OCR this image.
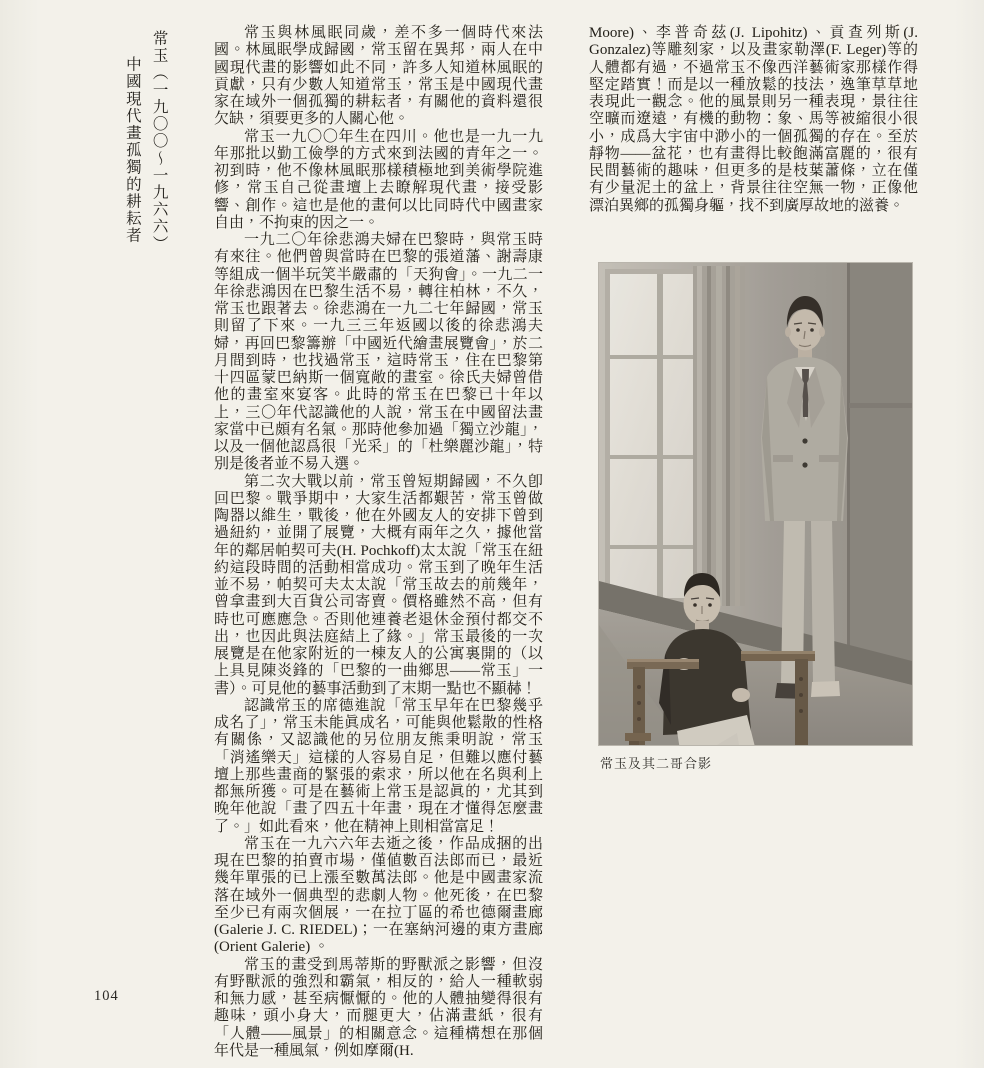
常玉（一九〇〇～一九六六）
中國現代畫孤獨的耕耘者

常玉與林風眠同歲，差不多一個時代來法國。林風眠學成歸國，常玉留在異邦，兩人在中國現代畫的影響如此不同，許多人知道林風眠的貢獻，只有少數人知道常玉，常玉是中國現代畫家在域外一個孤獨的耕耘者，有關他的資料還很欠缺，須要更多的人關心他。

常玉一九〇〇年生在四川。他也是一九一九年那批以勤工儉學的方式來到法國的青年之一。初到時，他不像林風眠那樣積極地到美術學院進修，常玉自己從畫壇上去瞭解現代畫，接受影響、創作。這也是他的畫何以比同時代中國畫家自由，不拘束的因之一。

一九二〇年徐悲鴻夫婦在巴黎時，與常玉時有來往。他們曾與當時在巴黎的張道藩、謝壽康等組成一個半玩笑半嚴肅的「天狗會」。一九二一年徐悲鴻因在巴黎生活不易，轉往柏林，不久，常玉也跟著去。徐悲鴻在一九二七年歸國，常玉則留了下來。一九三三年返國以後的徐悲鴻夫婦，再回巴黎籌辦「中國近代繪畫展覽會」，於二月間到時，也找過常玉，這時常玉，住在巴黎第十四區蒙巴納斯一個寬敞的畫室。徐氏夫婦曾借他的畫室來宴客。此時的常玉在巴黎已十年以上，三〇年代認識他的人說，常玉在中國留法畫家當中已頗有名氣。那時他參加過「獨立沙龍」，以及一個他認爲很「光采」的「杜樂麗沙龍」，特別是後者並不易入選。

第二次大戰以前，常玉曾短期歸國，不久卽回巴黎。戰爭期中，大家生活都艱苦，常玉曾做陶器以維生，戰後，他在外國友人的安排下曾到過紐約，並開了展覽，大概有兩年之久，據他當年的鄰居帕契可夫(H. Pochkoff)太太說「常玉在紐約這段時間的活動相當成功。常玉到了晚年生活並不易，帕契可夫太太說「常玉故去的前幾年，曾拿畫到大百貨公司寄賣。價格雖然不高，但有時也可應應急。否則他連養老退休金預付都交不出，也因此與法庭結上了緣。」常玉最後的一次展覽是在他家附近的一棟友人的公寓裏開的（以上具見陳炎鋒的「巴黎的一曲鄉思——常玉」一書）。可見他的藝事活動到了末期一點也不顯赫！

認識常玉的席德進說「常玉早年在巴黎幾乎成名了」，常玉未能眞成名，可能與他鬆散的性格有關係，又認識他的另位朋友熊秉明說，常玉「消遙樂天」這樣的人容易自足，但難以應付藝壇上那些畫商的緊張的索求，所以他在名與利上都無所獲。可是在藝術上常玉是認眞的，尤其到晚年他說「畫了四五十年畫，現在才懂得怎麼畫了。」如此看來，他在精神上則相當富足！

常玉在一九六六年去逝之後，作品成捆的出現在巴黎的拍賣市場，僅値數百法郎而已，最近幾年單張的已上漲至數萬法郎。他是中國畫家流落在域外一個典型的悲劇人物。他死後，在巴黎至少已有兩次個展，一在拉丁區的希也德爾畫廊(Galerie J. C. RIEDEL)；一在塞納河邊的東方畫廊(Orient Galerie) 。

常玉的畫受到馬蒂斯的野獸派之影響，但沒有野獸派的強烈和霸氣，相反的，給人一種軟弱和無力感，甚至病懨懨的。他的人體抽變得很有趣味，頭小身大，而腿更大，佔滿畫紙，很有「人體——風景」的相關意念。這種構想在那個年代是一種風氣，例如摩爾(H.

Moore)、李普奇茲(J. Lipohitz)、貢查列斯(J. Gonzalez)等雕刻家，以及畫家勒澤(F. Leger)等的人體都有過，不過常玉不像西洋藝術家那樣作得堅定踏實！而是以一種放鬆的技法，逸筆草草地表現此一觀念。他的風景則另一種表現，景往往空曠而遼遠，有機的動物：象、馬等被縮很小很小，成爲大宇宙中渺小的一個孤獨的存在。至於靜物——盆花，也有畫得比較飽滿富麗的，很有民間藝術的趣味，但更多的是枝葉蕭條，立在僅有少量泥土的盆上，背景往往空無一物，正像他漂泊異鄉的孤獨身軀，找不到廣厚故地的滋養。

常玉及其二哥合影
104
